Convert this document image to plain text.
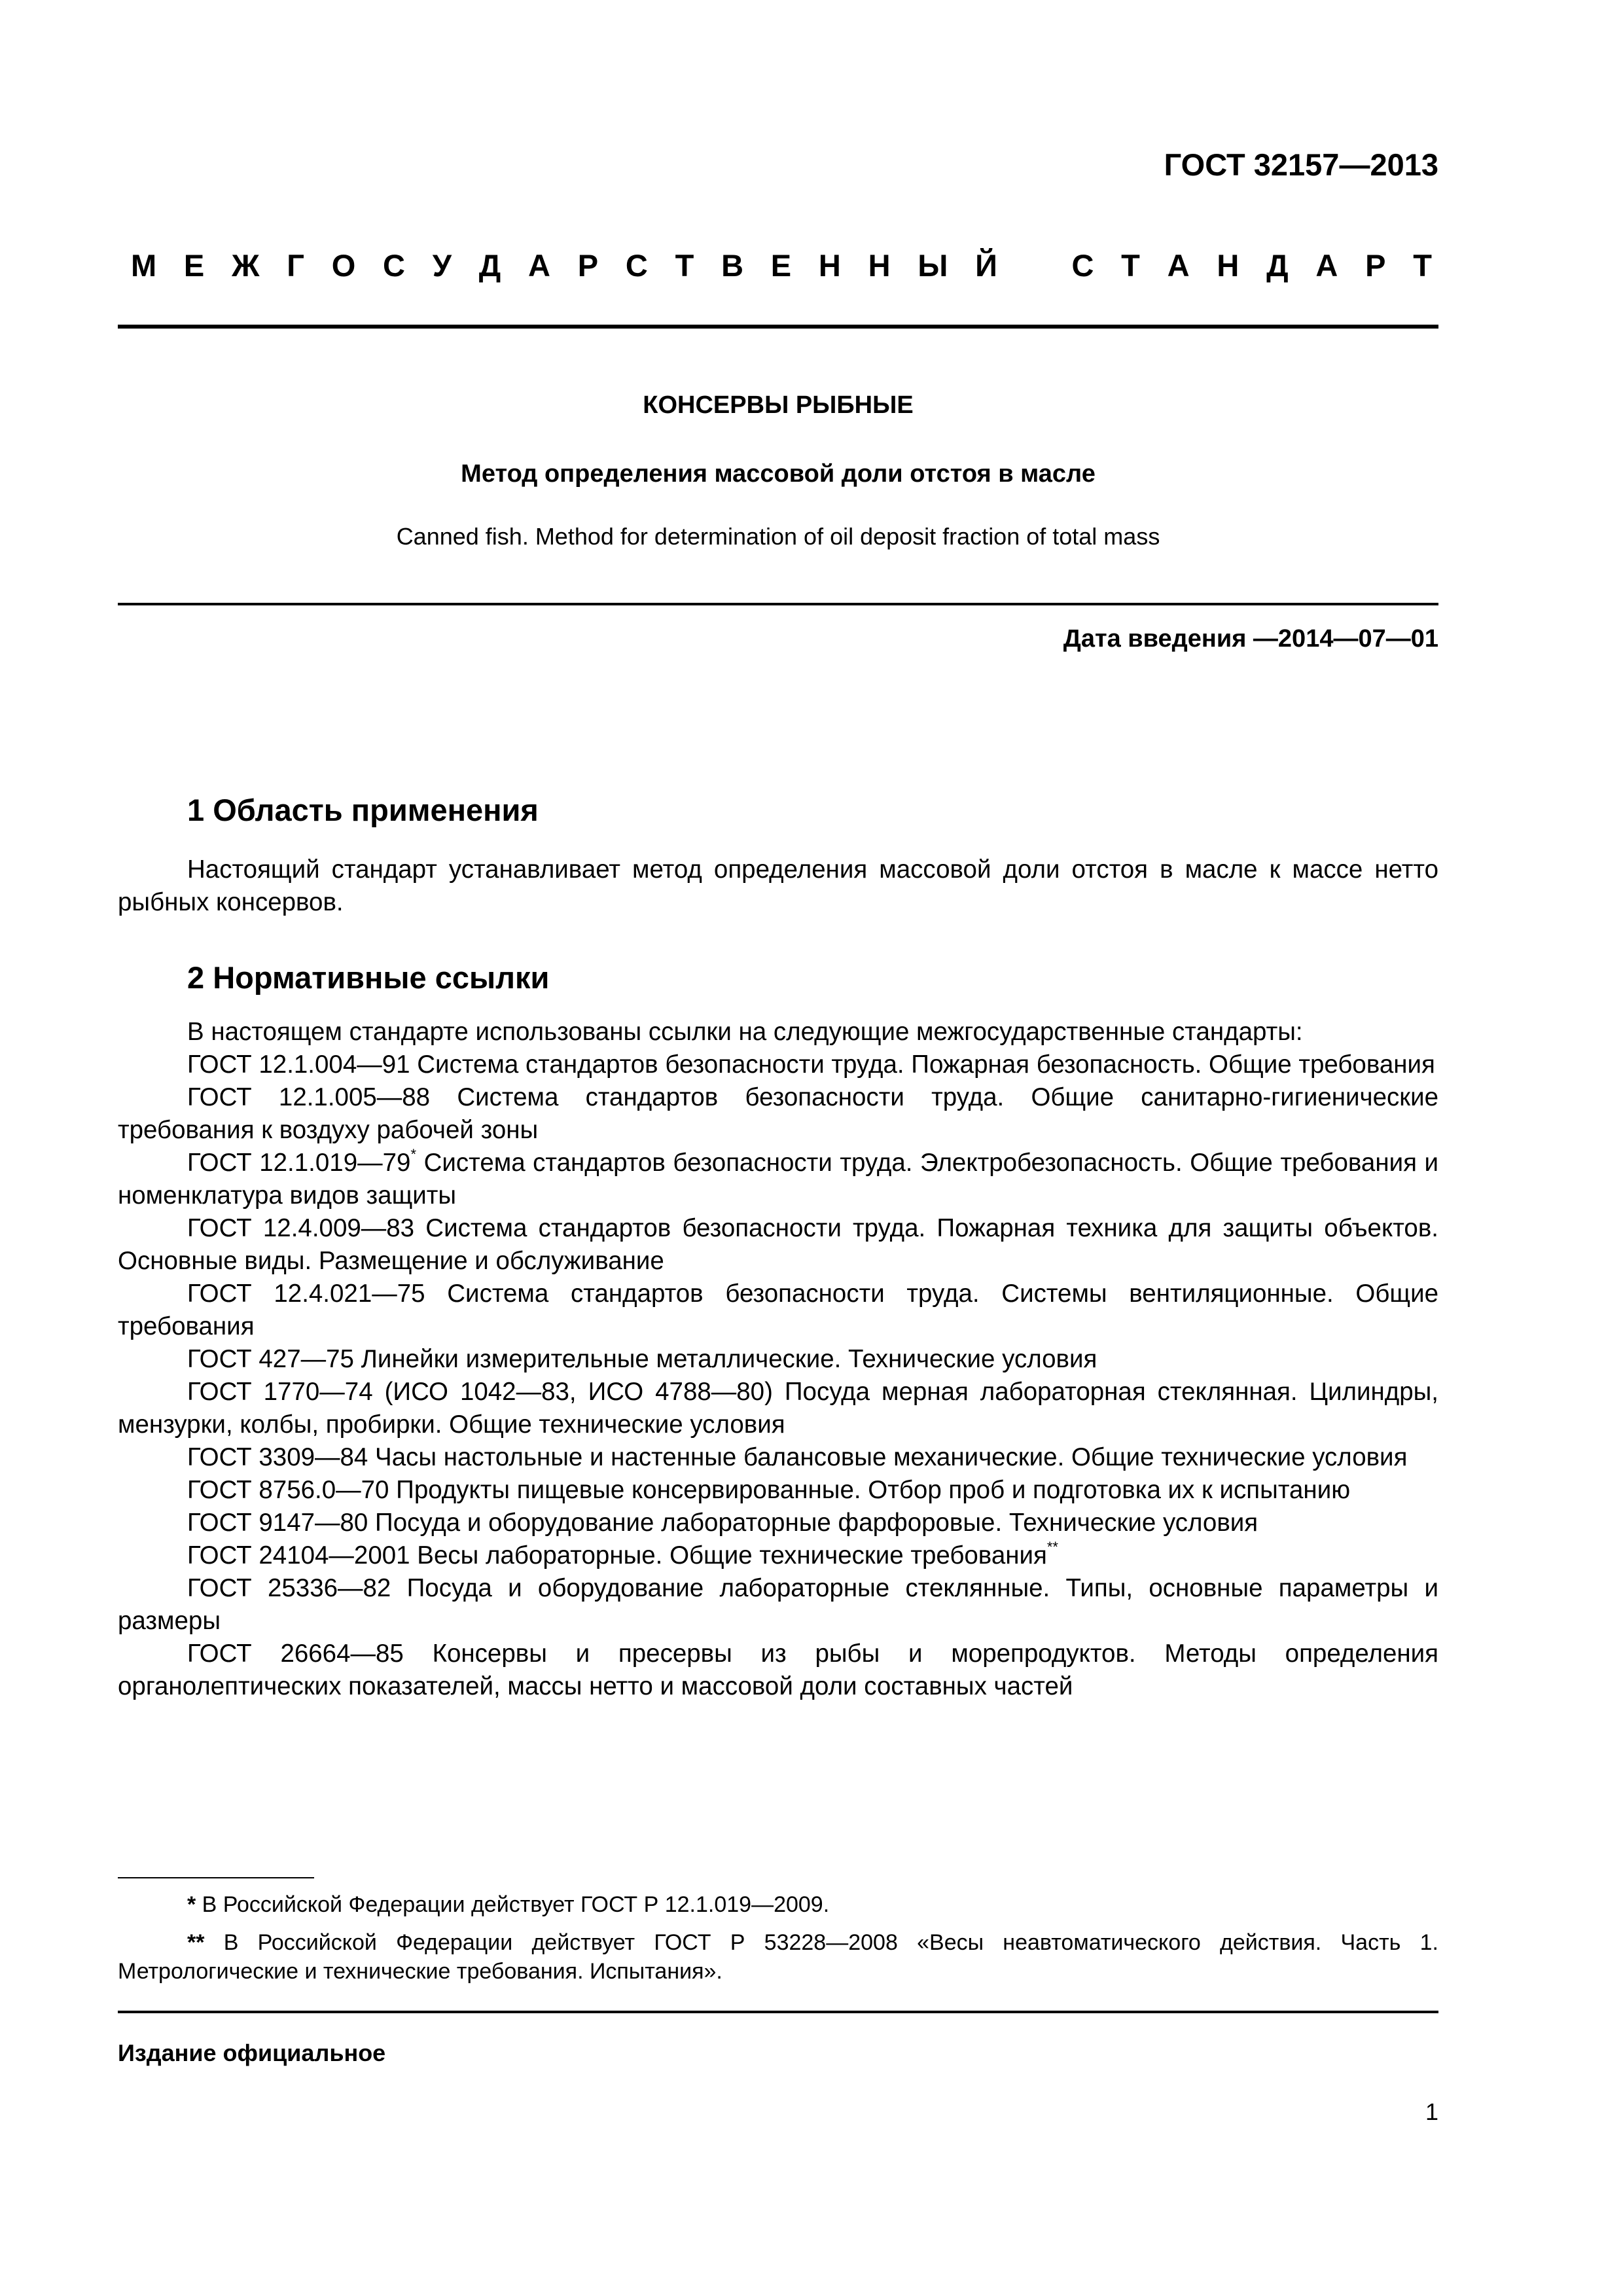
ГОСТ 32157—2013
М Е Ж Г О С У Д А Р С Т В Е Н Н Ы Й С Т А Н Д А Р Т
КОНСЕРВЫ РЫБНЫЕ
Метод определения массовой доли отстоя в масле
Canned fish. Method for determination of oil deposit fraction of total mass
Дата введения —2014—07—01
1 Область применения

Настоящий стандарт устанавливает метод определения массовой доли отстоя в масле к массе нетто рыбных консервов.

2 Нормативные ссылки

В настоящем стандарте использованы ссылки на следующие межгосударственные стандарты:

ГОСТ 12.1.004—91 Система стандартов безопасности труда. Пожарная безопасность. Общие требования

ГОСТ 12.1.005—88 Система стандартов безопасности труда. Общие санитарно-гигиенические требования к воздуху рабочей зоны

ГОСТ 12.1.019—79* Система стандартов безопасности труда. Электробезопасность. Общие требования и номенклатура видов защиты

ГОСТ 12.4.009—83 Система стандартов безопасности труда. Пожарная техника для защиты объектов. Основные виды. Размещение и обслуживание

ГОСТ 12.4.021—75 Система стандартов безопасности труда. Системы вентиляционные. Общие требования

ГОСТ 427—75 Линейки измерительные металлические. Технические условия

ГОСТ 1770—74 (ИСО 1042—83, ИСО 4788—80) Посуда мерная лабораторная стеклянная. Цилиндры, мензурки, колбы, пробирки. Общие технические условия

ГОСТ 3309—84 Часы настольные и настенные балансовые механические. Общие технические условия

ГОСТ 8756.0—70 Продукты пищевые консервированные. Отбор проб и подготовка их к испытанию

ГОСТ 9147—80 Посуда и оборудование лабораторные фарфоровые. Технические условия

ГОСТ 24104—2001 Весы лабораторные. Общие технические требования**

ГОСТ 25336—82 Посуда и оборудование лабораторные стеклянные. Типы, основные параметры и размеры

ГОСТ 26664—85 Консервы и пресервы из рыбы и морепродуктов. Методы определения органолептических показателей, массы нетто и массовой доли составных частей

* В Российской Федерации действует ГОСТ Р 12.1.019—2009.

** В Российской Федерации действует ГОСТ Р 53228—2008 «Весы неавтоматического действия. Часть 1. Метрологические и технические требования. Испытания».

Издание официальное
1
